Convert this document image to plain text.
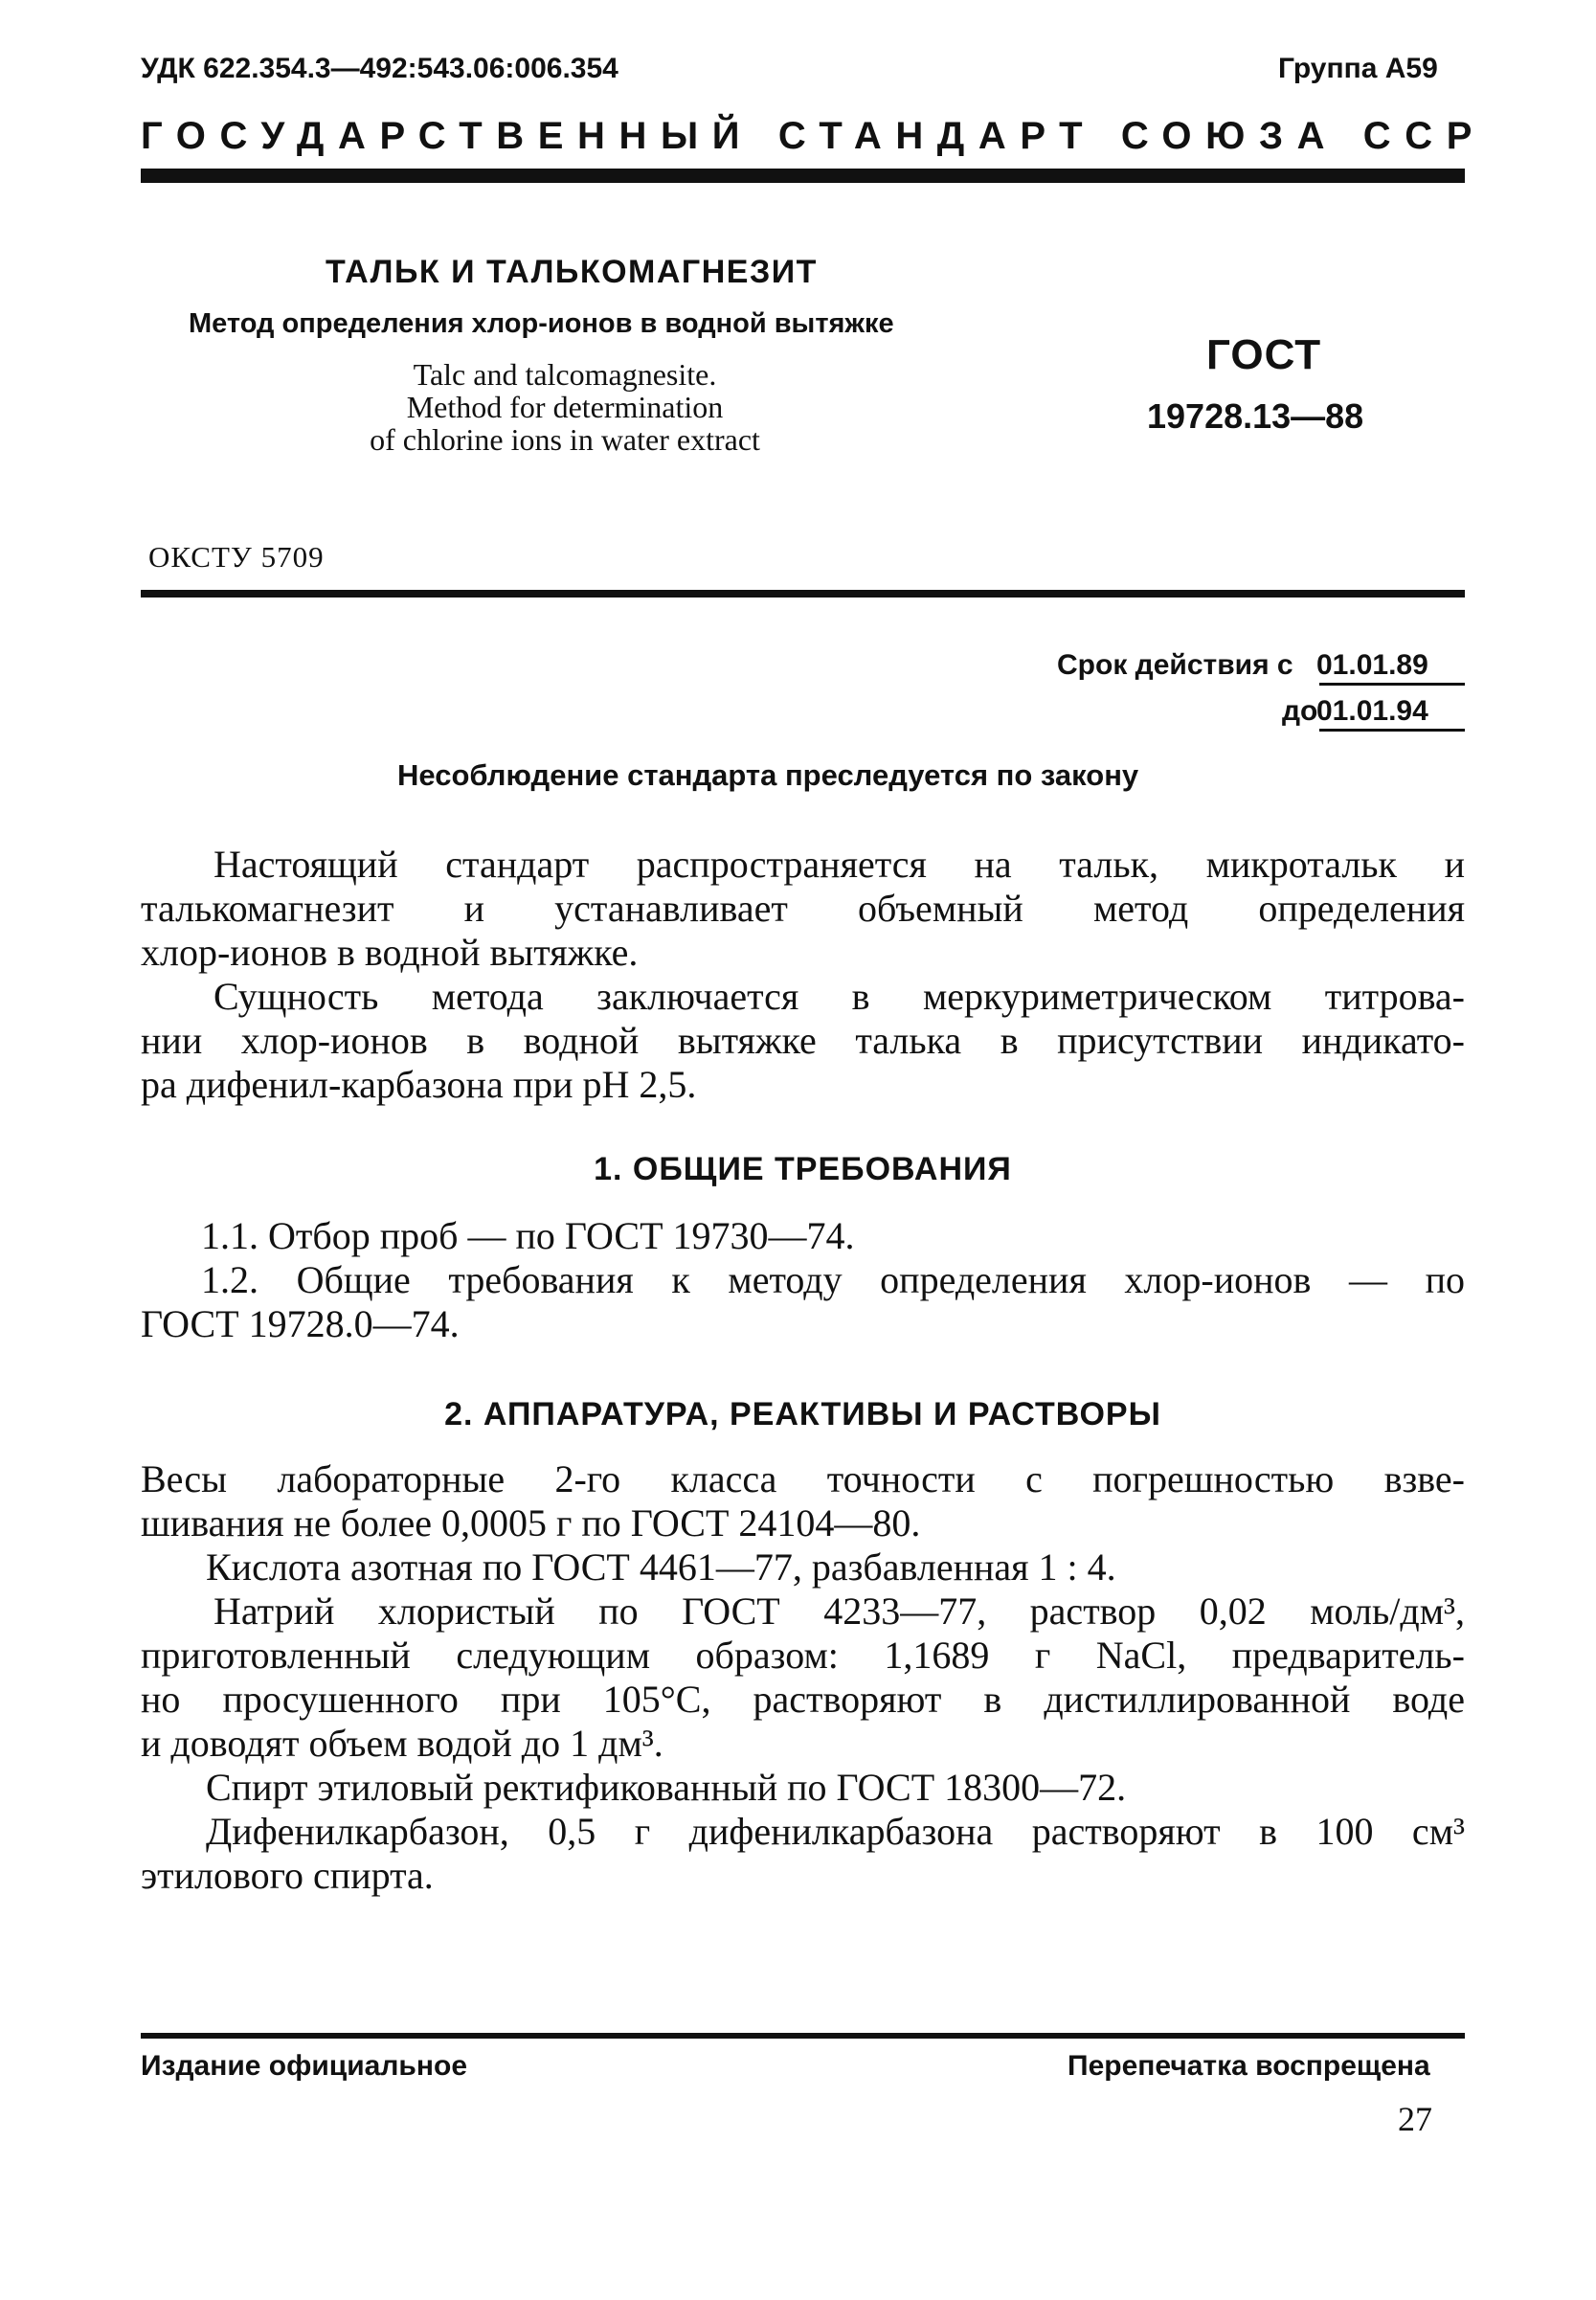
УДК 622.354.3—492:543.06:006.354	Группа А59
ГОСУДАРСТВЕННЫЙ СТАНДАРТ СОЮЗА ССР
ТАЛЬК И ТАЛЬКОМАГНЕЗИТ
Метод определения хлор-ионов в водной вытяжке
Talc and talcomagnesite.
Method for determination
of chlorine ions in water extract
ГОСТ
19728.13—88
ОКСТУ 5709
Срок действия с 01.01.89
до
01.01.94
Несоблюдение стандарта преследуется по закону
Настоящий стандарт распространяется на тальк, микротальк и
талькомагнезит и устанавливает объемный метод определения
хлор-ионов в водной вытяжке.
Сущность метода заключается в меркуриметрическом титрова-
нии хлор-ионов в водной вытяжке талька в присутствии индикато-
ра дифенил-карбазона при pH 2,5.
1. ОБЩИЕ ТРЕБОВАНИЯ
1.1. Отбор проб — по ГОСТ 19730—74.
1.2. Общие требования к методу определения хлор-ионов — по
ГОСТ 19728.0—74.
2. АППАРАТУРА, РЕАКТИВЫ И РАСТВОРЫ
Весы лабораторные 2-го класса точности с погрешностью взве-
шивания не более 0,0005 г по ГОСТ 24104—80.
Кислота азотная по ГОСТ 4461—77, разбавленная 1 : 4.
Натрий хлористый по ГОСТ 4233—77, раствор 0,02 моль/дм³,
приготовленный следующим образом: 1,1689 г NaCl, предваритель-
но просушенного при 105°С, растворяют в дистиллированной воде
и доводят объем водой до 1 дм³.
Спирт этиловый ректификованный по ГОСТ 18300—72.
Дифенилкарбазон, 0,5 г дифенилкарбазона растворяют в 100 см³
этилового спирта.
Издание официальное	Перепечатка воспрещена
27
